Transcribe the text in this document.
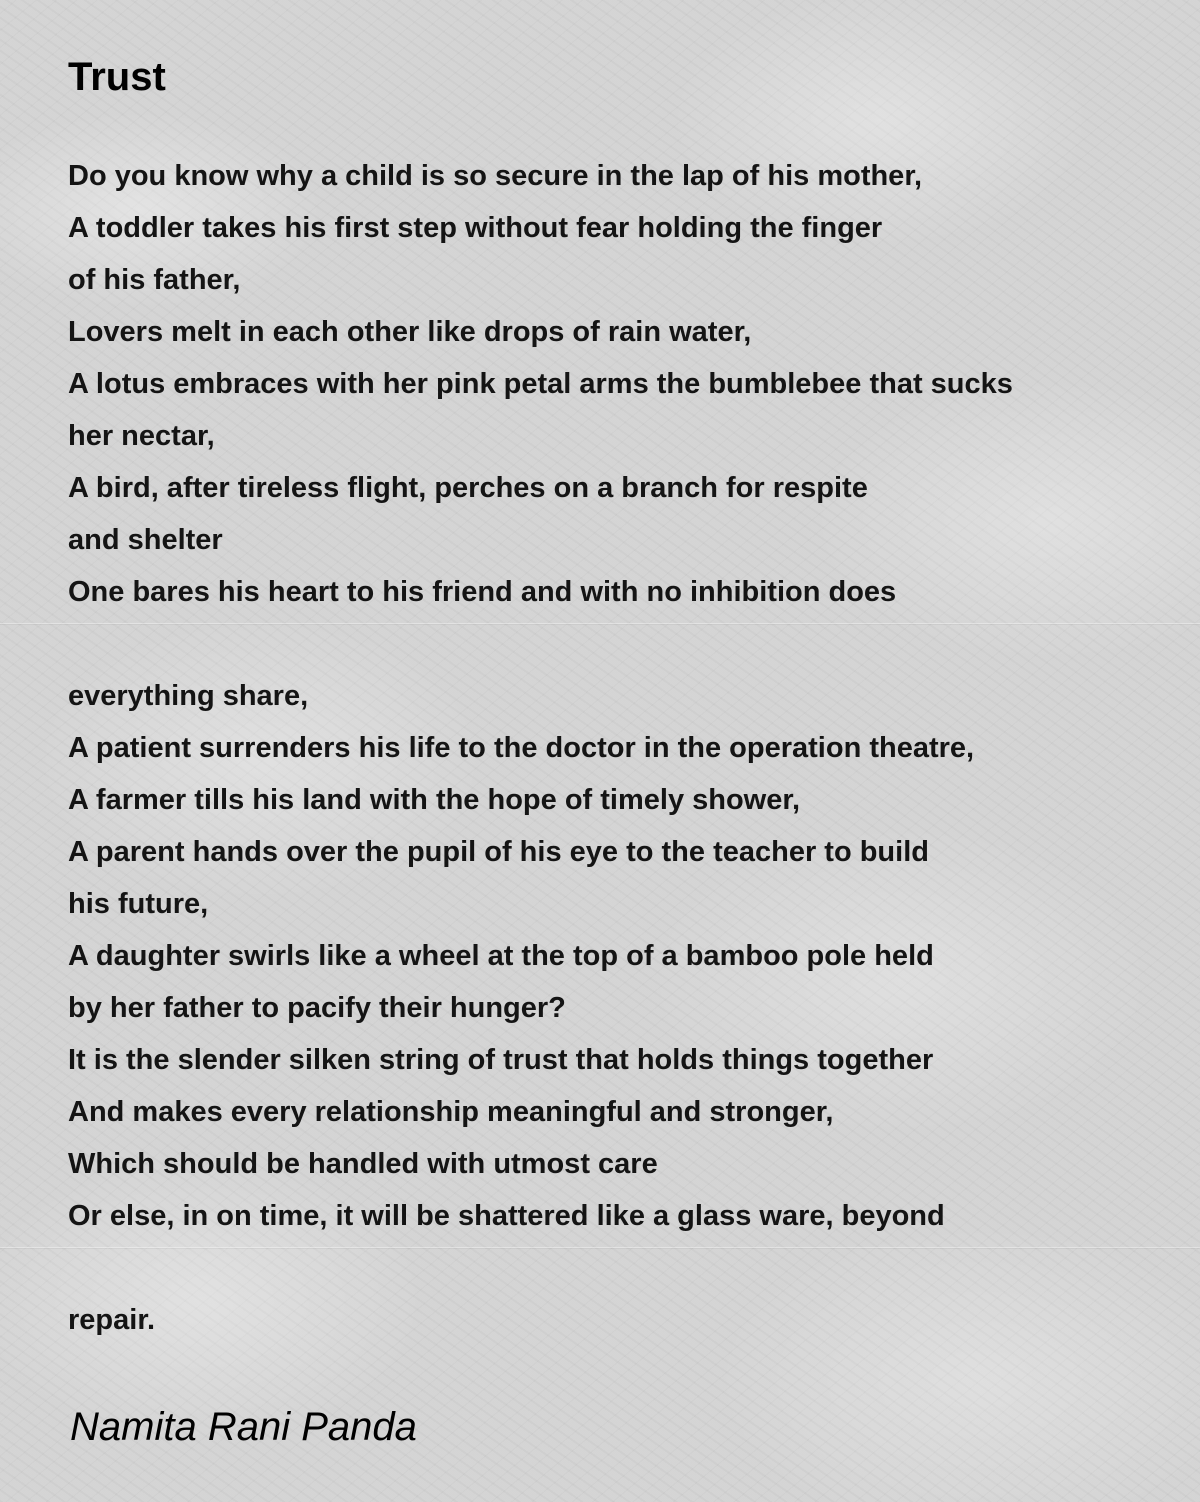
Trust
Do you know why a child is so secure in the lap of his mother,
A toddler takes his first step without fear holding the finger
of his father,
Lovers melt in each other like drops of rain water,
A lotus embraces with her pink petal arms the bumblebee that sucks
her nectar,
A bird, after tireless flight, perches on a branch for respite
and shelter
One bares his heart to his friend and with no inhibition does
everything share,
A patient surrenders his life to the doctor in the operation theatre,
A farmer tills his land with the hope of timely shower,
A parent hands over the pupil of his eye to the teacher to build
his future,
A daughter swirls like a wheel at the top of a bamboo pole held
by her father to pacify their hunger?
It is the slender silken string of trust that holds things together
And makes every relationship meaningful and stronger,
Which should be handled with utmost care
Or else, in on time, it will be shattered like a glass ware, beyond
repair.
Namita Rani Panda
